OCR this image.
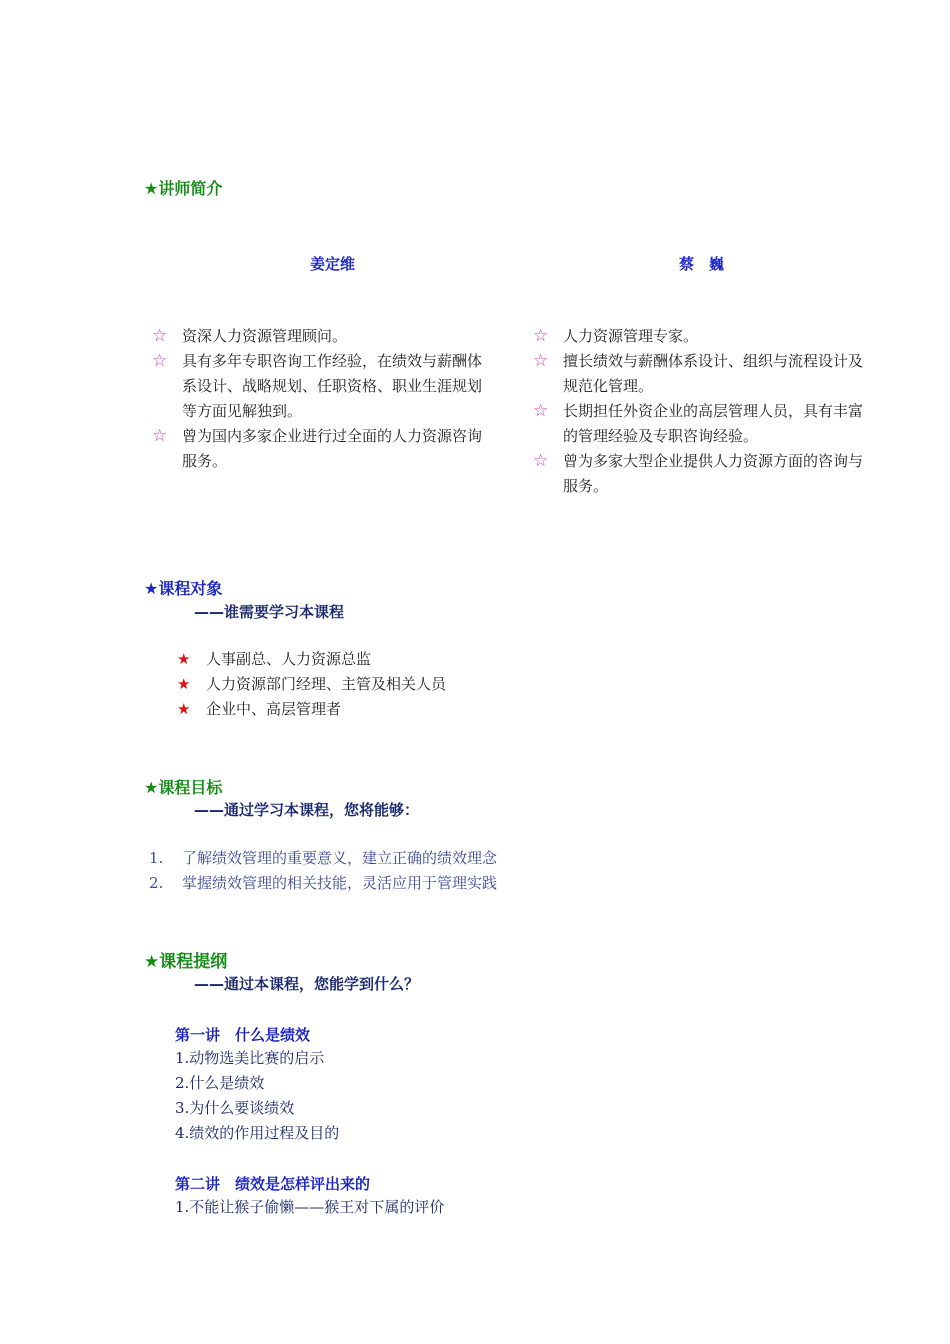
★讲师简介
姜定维	蔡　巍
☆ 资深人力资源管理顾问。
☆ 具有多年专职咨询工作经验，在绩效与薪酬体系设计、战略规划、任职资格、职业生涯规划等方面见解独到。
☆ 曾为国内多家企业进行过全面的人力资源咨询服务。
☆ 人力资源管理专家。
☆ 擅长绩效与薪酬体系设计、组织与流程设计及规范化管理。
☆ 长期担任外资企业的高层管理人员，具有丰富的管理经验及专职咨询经验。
☆ 曾为多家大型企业提供人力资源方面的咨询与服务。
★课程对象
——谁需要学习本课程
★ 人事副总、人力资源总监
★ 人力资源部门经理、主管及相关人员
★ 企业中、高层管理者
★课程目标
——通过学习本课程，您将能够：
1. 了解绩效管理的重要意义，建立正确的绩效理念
2. 掌握绩效管理的相关技能，灵活应用于管理实践
★课程提纲
——通过本课程，您能学到什么？
第一讲　什么是绩效
1.动物选美比赛的启示
2.什么是绩效
3.为什么要谈绩效
4.绩效的作用过程及目的
第二讲　绩效是怎样评出来的
1.不能让猴子偷懒——猴王对下属的评价
